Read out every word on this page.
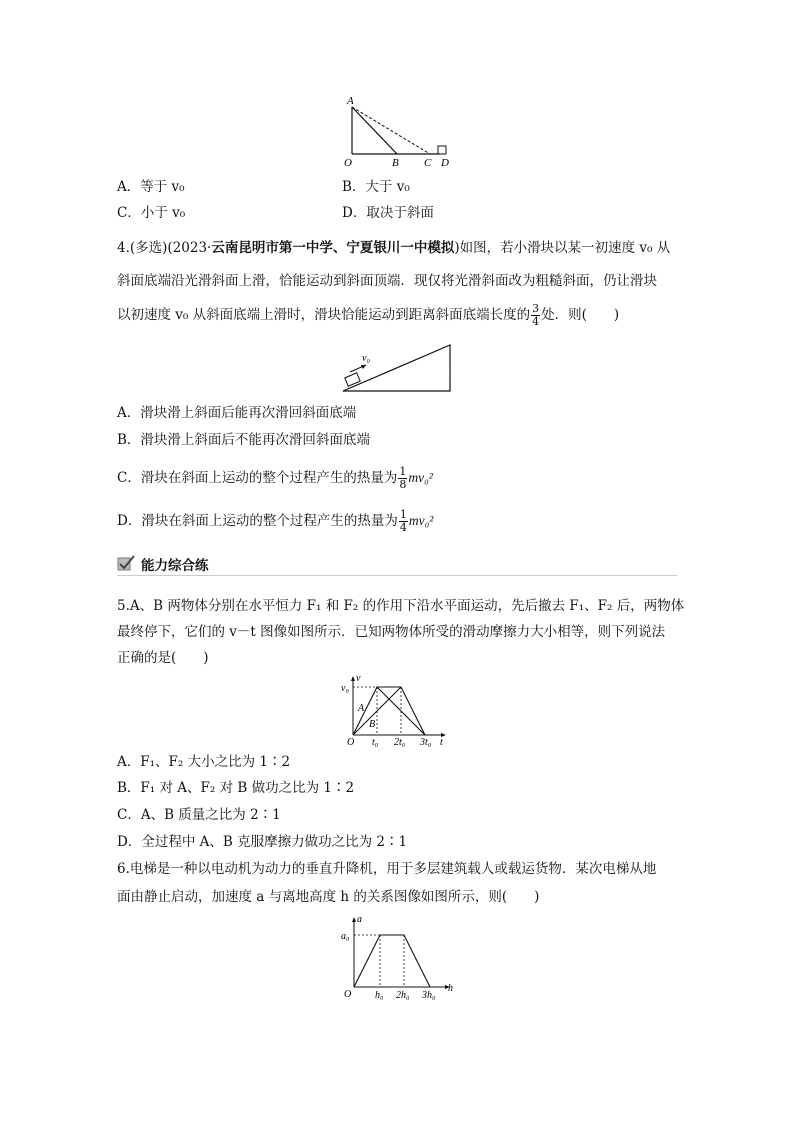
A
O	B C D
A．等于 v₀	B．大于 v₀
C．小于 v₀	D．取决于斜面
4.(多选)(2023·云南昆明市第一中学、宁夏银川一中模拟)如图，若小滑块以某一初速度 v₀ 从
斜面底端沿光滑斜面上滑，恰能运动到斜面顶端．现仅将光滑斜面改为粗糙斜面，仍让滑块
以初速度 v₀ 从斜面底端上滑时，滑块恰能运动到距离斜面底端长度的 $\frac{3}{4}$ 处．则(　　)
v₀
A．滑块滑上斜面后能再次滑回斜面底端
B．滑块滑上斜面后不能再次滑回斜面底端
C．滑块在斜面上运动的整个过程产生的热量为 $\frac{1}{8} mv_0^2$
D．滑块在斜面上运动的整个过程产生的热量为 $\frac{1}{4} mv_0^2$
能力综合练
5.A、B 两物体分别在水平恒力 F₁ 和 F₂ 的作用下沿水平面运动，先后撤去 F₁、F₂ 后，两物体
最终停下，它们的 v－t 图像如图所示．已知两物体所受的滑动摩擦力大小相等，则下列说法
正确的是(　　)
v
v₀
O t₀ 2t₀ 3t₀ t
A
B
A．F₁、F₂ 大小之比为 1∶2
B．F₁ 对 A、F₂ 对 B 做功之比为 1∶2
C．A、B 质量之比为 2∶1
D．全过程中 A、B 克服摩擦力做功之比为 2∶1
6.电梯是一种以电动机为动力的垂直升降机，用于多层建筑载人或载运货物．某次电梯从地
面由静止启动，加速度 a 与离地高度 h 的关系图像如图所示，则(　　)
a
a₀
O h₀ 2h₀ 3h₀
h
